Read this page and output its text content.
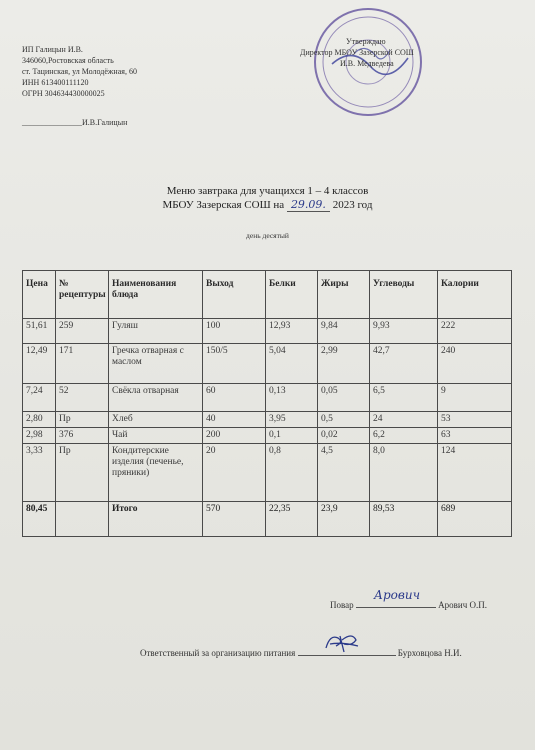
ИП Галицын И.В.
346060,Ростовская область
ст. Тацинская, ул Молодёжная, 60
ИНН 613400111120
ОГРН 304634430000025
_______________И.В.Галицын
Утверждаю
Директор МБОУ Зазерской СОШ
И.В. Медведева
Меню завтрака для учащихся 1 – 4 классов
МБОУ Зазерская СОШ на 29.09. 2023 год
день десятый
Цена	№ рецептуры	Наименования блюда	Выход	Белки	Жиры	Углеводы	Калории
51,61	259	Гуляш	100	12,93	9,84	9,93	222
12,49	171	Гречка отварная с маслом	150/5	5,04	2,99	42,7	240
7,24	52	Свёкла отварная	60	0,13	0,05	6,5	9
2,80	Пр	Хлеб	40	3,95	0,5	24	53
2,98	376	Чай	200	0,1	0,02	6,2	63
3,33	Пр	Кондитерские изделия (печенье, пряники)	20	0,8	4,5	8,0	124
80,45		Итого	570	22,35	23,9	89,53	689
Повар
Арович
Арович О.П.
Ответственный за организацию питания	Бурховцова Н.И.
